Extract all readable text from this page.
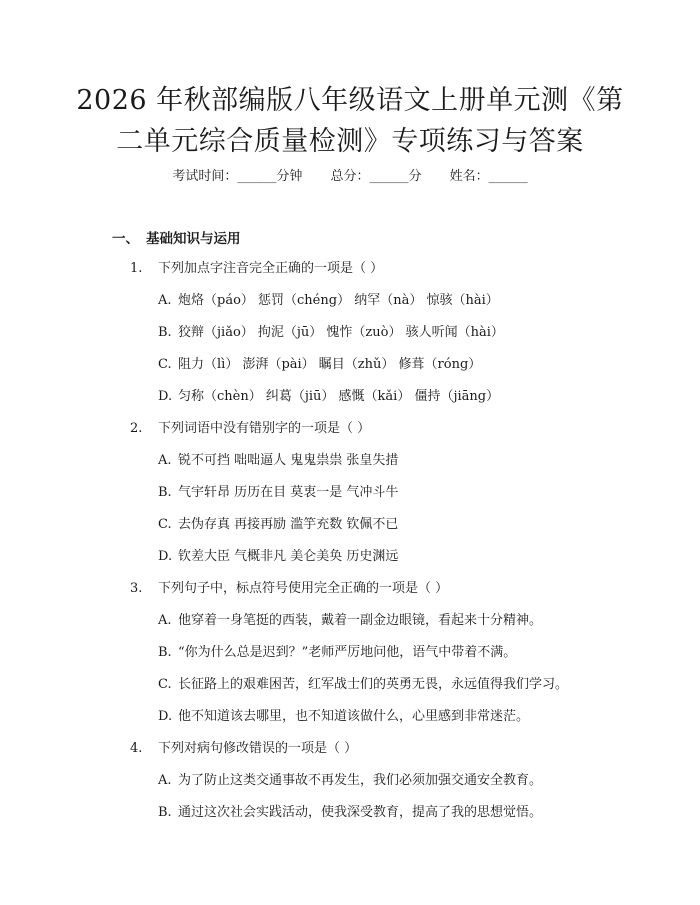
2026 年秋部编版八年级语文上册单元测《第
二单元综合质量检测》专项练习与答案
考试时间：______分钟 总分：______分 姓名：______
一、 基础知识与运用
1. 下列加点字注音完全正确的一项是（ ）
A. 炮烙（páo） 惩罚（chéng） 纳罕（nà） 惊骇（hài）
B. 狡辩（jiǎo） 拘泥（jū） 愧怍（zuò） 骇人听闻（hài）
C. 阻力（lì） 澎湃（pài） 瞩目（zhǔ） 修葺（róng）
D. 匀称（chèn） 纠葛（jiū） 感慨（kǎi） 僵持（jiāng）
2. 下列词语中没有错别字的一项是（ ）
A. 锐不可挡 咄咄逼人 鬼鬼祟祟 张皇失措
B. 气宇轩昂 历历在目 莫衷一是 气冲斗牛
C. 去伪存真 再接再励 滥竽充数 钦佩不已
D. 钦差大臣 气概非凡 美仑美奂 历史渊远
3. 下列句子中，标点符号使用完全正确的一项是（ ）
A. 他穿着一身笔挺的西装，戴着一副金边眼镜，看起来十分精神。
B. “你为什么总是迟到？”老师严厉地问他，语气中带着不满。
C. 长征路上的艰难困苦，红军战士们的英勇无畏，永远值得我们学习。
D. 他不知道该去哪里，也不知道该做什么，心里感到非常迷茫。
4. 下列对病句修改错误的一项是（ ）
A. 为了防止这类交通事故不再发生，我们必须加强交通安全教育。
B. 通过这次社会实践活动，使我深受教育，提高了我的思想觉悟。
